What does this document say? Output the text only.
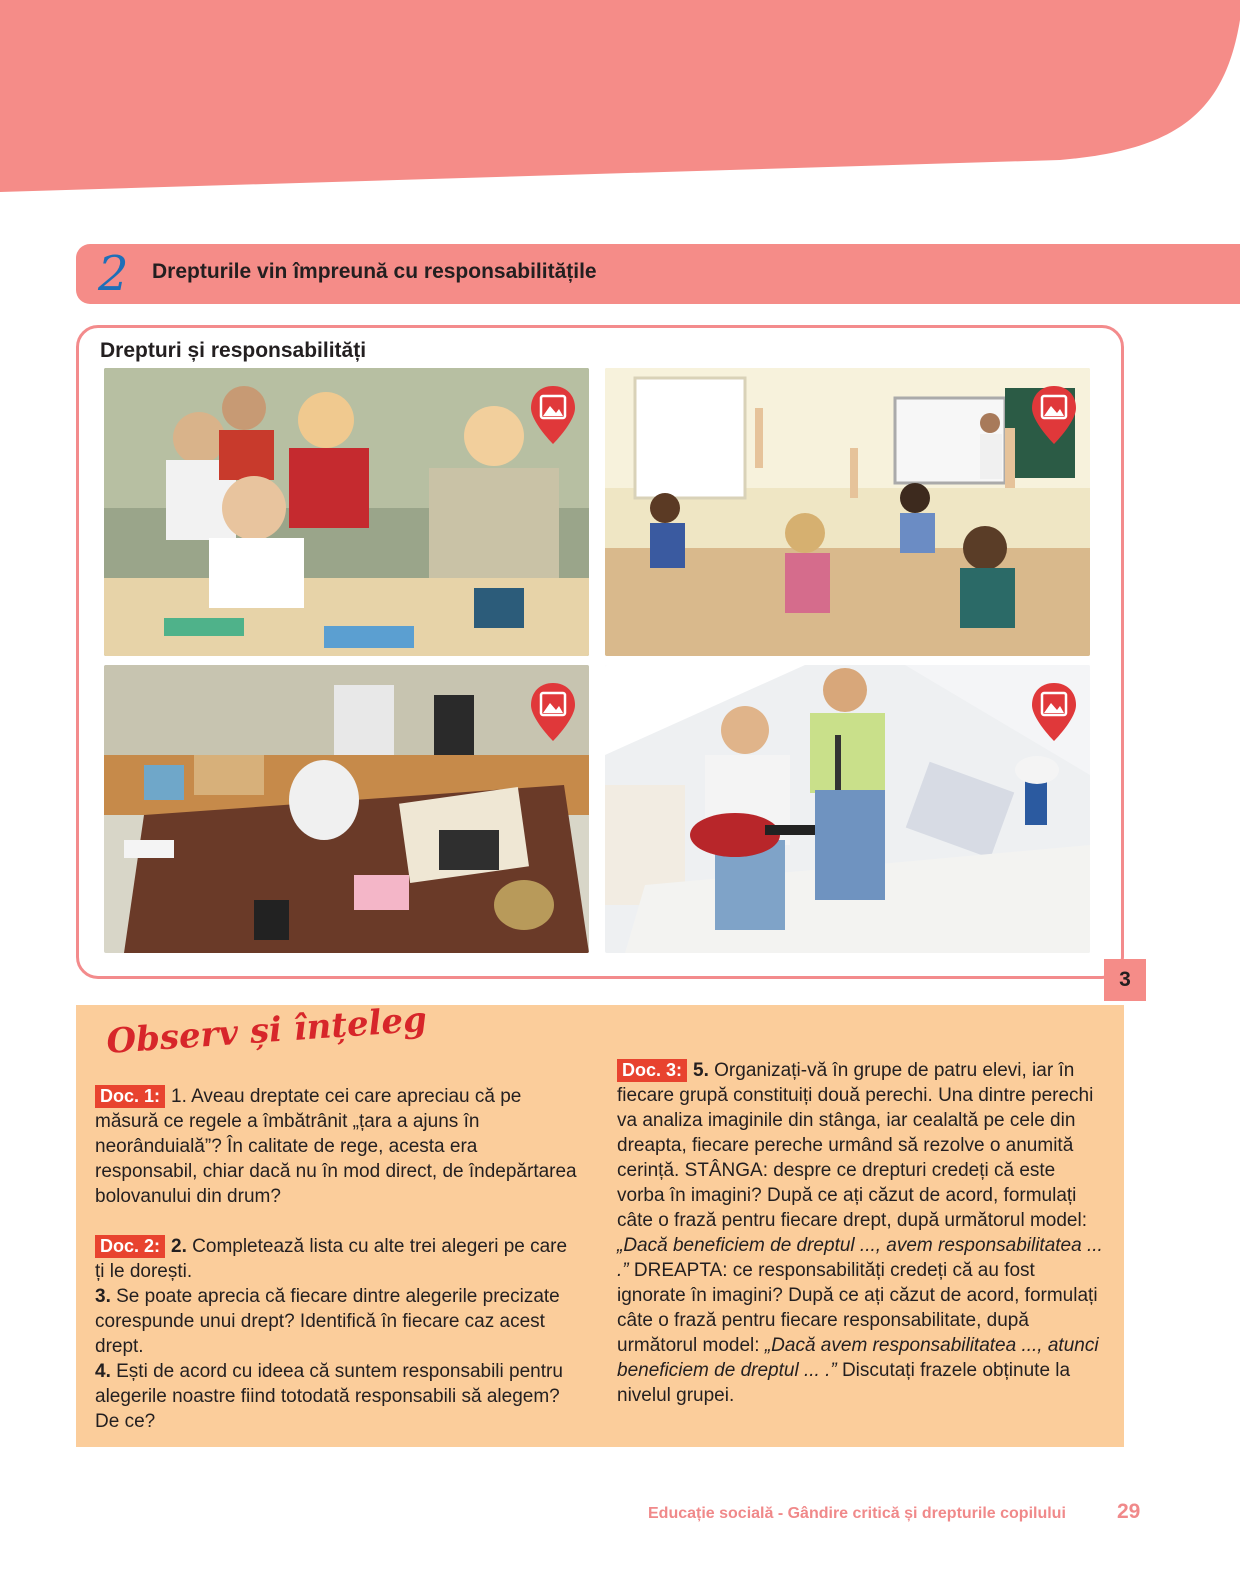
2 Drepturile vin împreună cu responsabilitățile
Drepturi și responsabilități
3
Observ și înțeleg

Doc. 1: 1. Aveau dreptate cei care apreciau că pe măsură ce regele a îmbătrânit „țara a ajuns în neorânduială”? În calitate de rege, acesta era responsabil, chiar dacă nu în mod direct, de îndepărtarea bolovanului din drum?

Doc. 2: 2. Completează lista cu alte trei alegeri pe care ți le dorești.

3. Se poate aprecia că fiecare dintre alegerile precizate corespunde unui drept? Identifică în fiecare caz acest drept.

4. Ești de acord cu ideea că suntem responsabili pentru alegerile noastre fiind totodată responsabili să alegem? De ce?

Doc. 3: 5. Organizați-vă în grupe de patru elevi, iar în fiecare grupă constituiți două perechi. Una dintre perechi va analiza imaginile din stânga, iar cealaltă pe cele din dreapta, fiecare pereche urmând să rezolve o anumită cerință. STÂNGA: despre ce drepturi credeți că este vorba în imagini? După ce ați căzut de acord, formulați câte o frază pentru fiecare drept, după următorul model: „Dacă beneficiem de dreptul ..., avem responsabilitatea ... .” DREAPTA: ce responsabilități credeți că au fost ignorate în imagini? După ce ați căzut de acord, formulați câte o frază pentru fiecare responsabilitate, după următorul model: „Dacă avem responsabilitatea ..., atunci beneficiem de dreptul ... .” Discutați frazele obținute la nivelul grupei.

Educație socială - Gândire critică și drepturile copilului 29
